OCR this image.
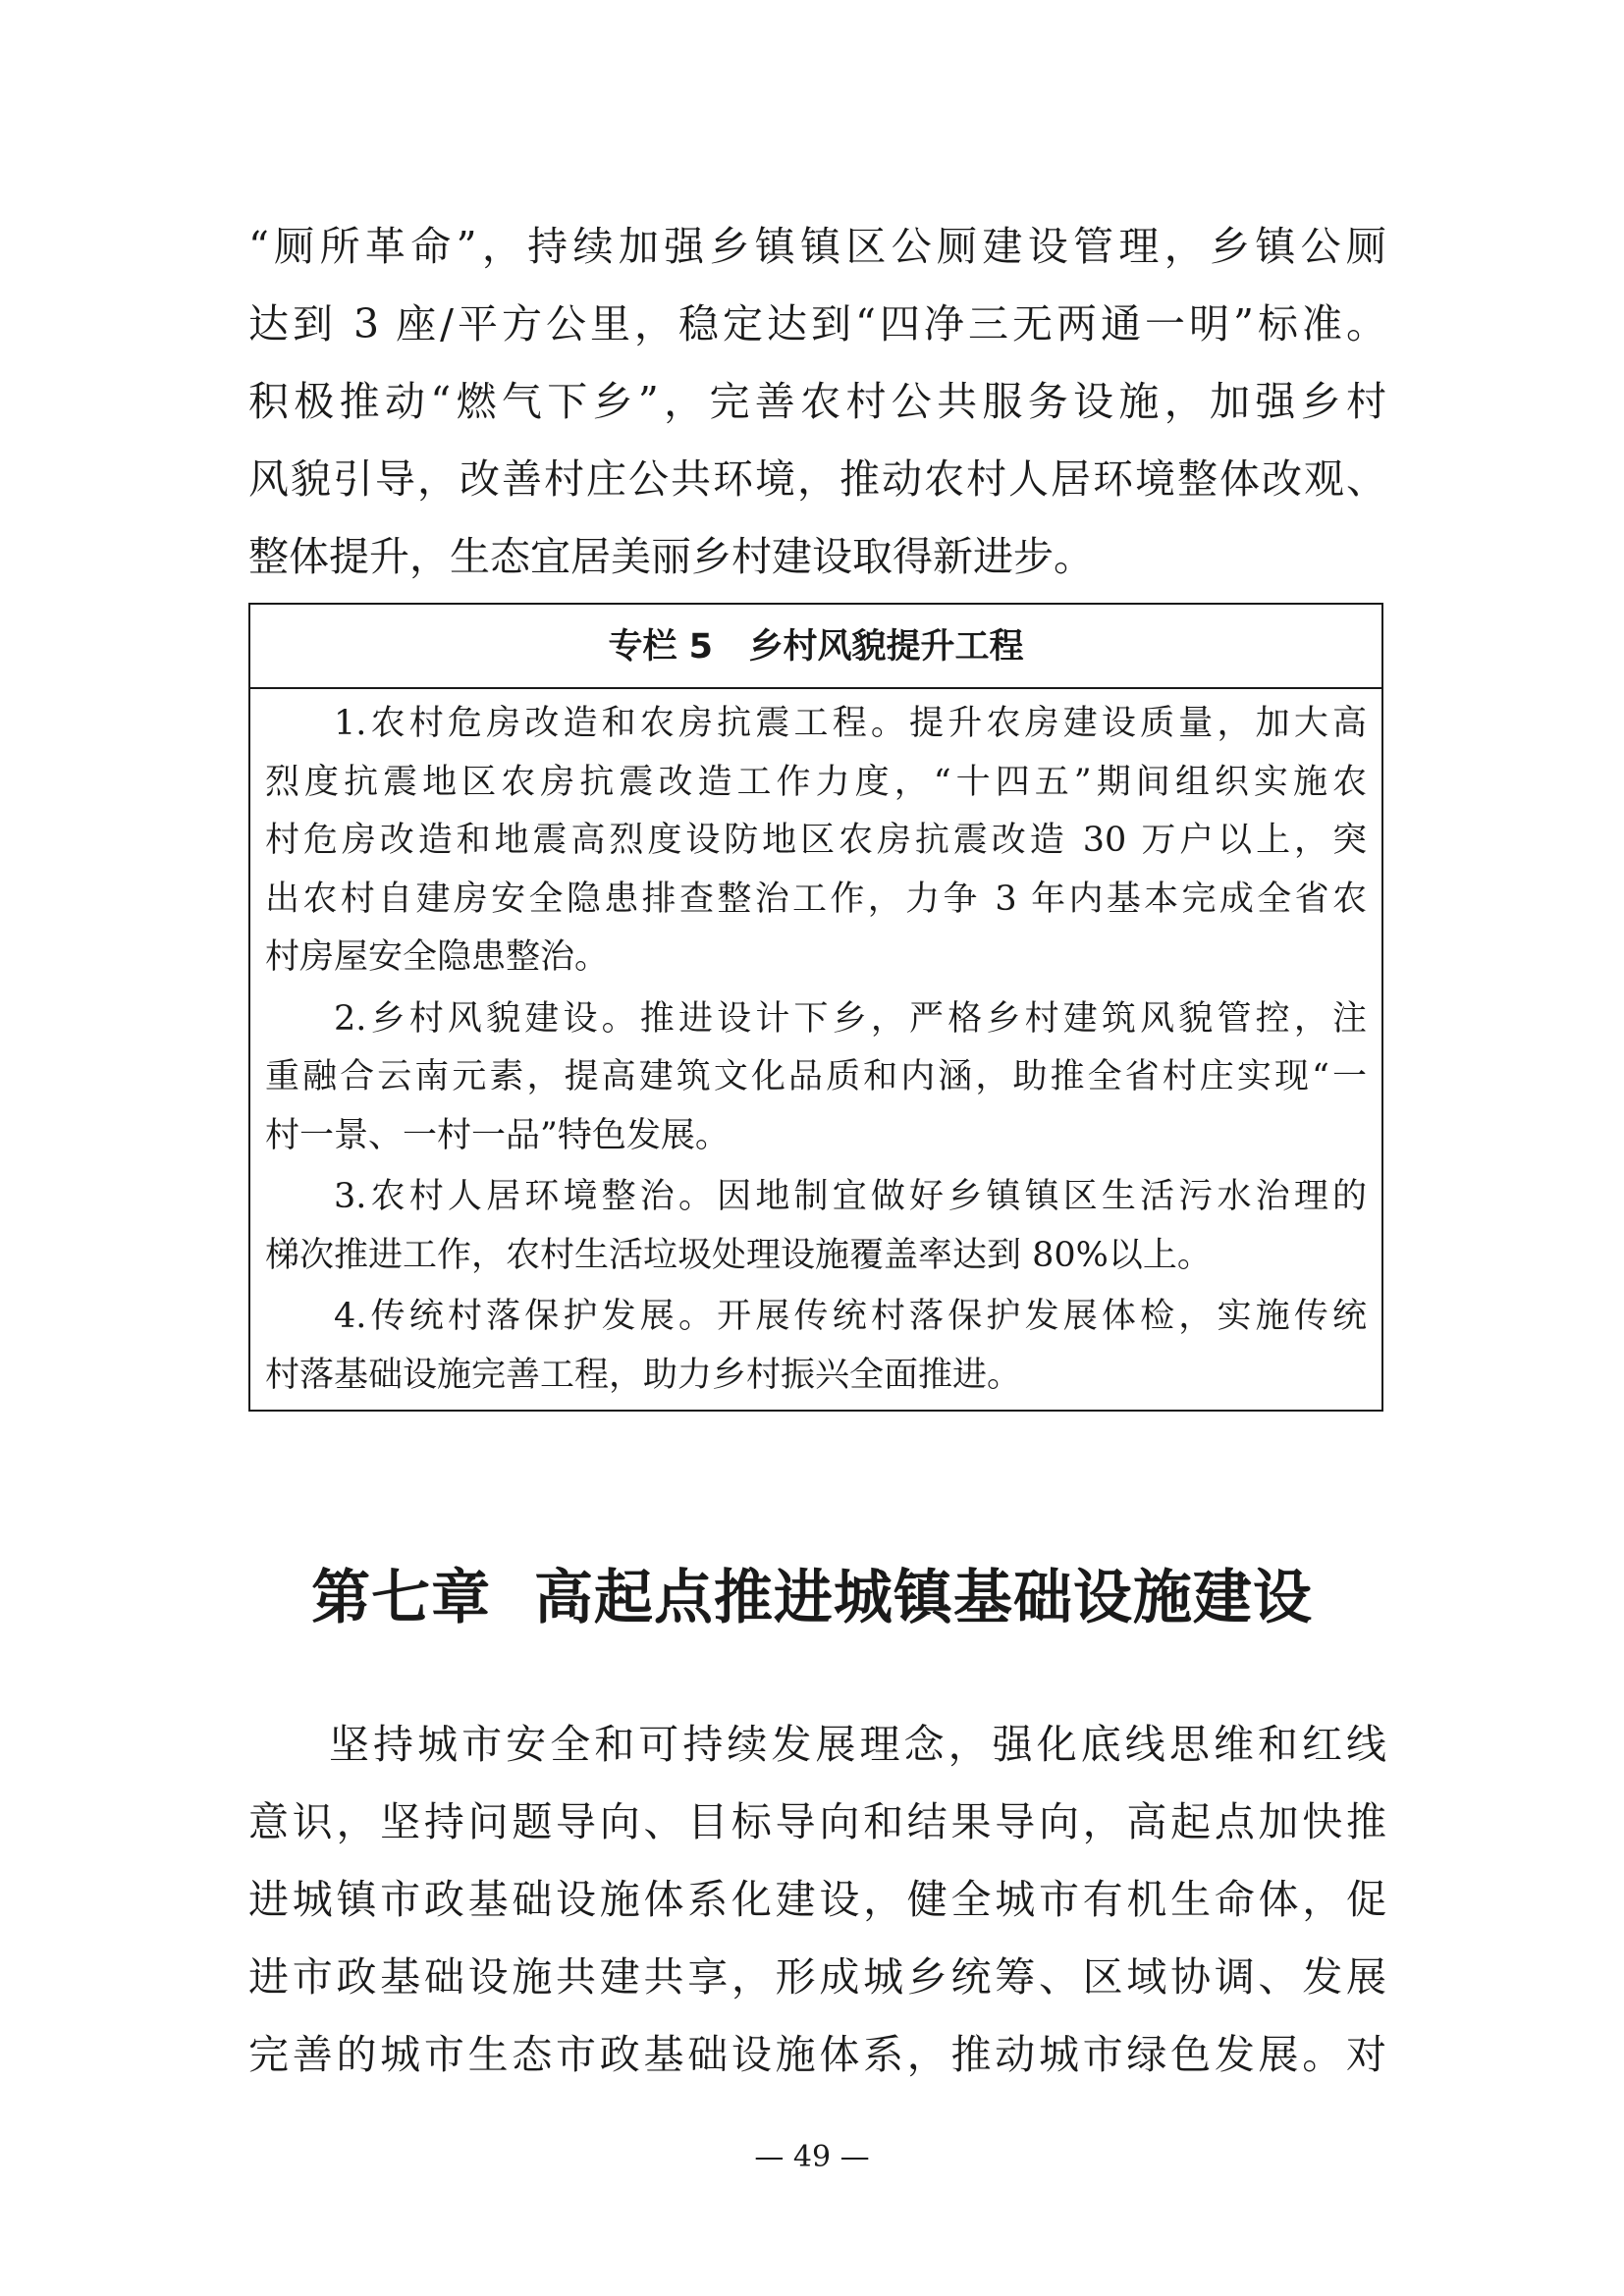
“厕所革命”，持续加强乡镇镇区公厕建设管理，乡镇公厕
达到 3 座/平方公里，稳定达到“四净三无两通一明”标准。
积极推动“燃气下乡”，完善农村公共服务设施，加强乡村
风貌引导，改善村庄公共环境，推动农村人居环境整体改观、
整体提升，生态宜居美丽乡村建设取得新进步。
专栏 5   乡村风貌提升工程
1.农村危房改造和农房抗震工程。提升农房建设质量，加大高
烈度抗震地区农房抗震改造工作力度，“十四五”期间组织实施农
村危房改造和地震高烈度设防地区农房抗震改造 30 万户以上，突
出农村自建房安全隐患排查整治工作，力争 3 年内基本完成全省农
村房屋安全隐患整治。
2.乡村风貌建设。推进设计下乡，严格乡村建筑风貌管控，注
重融合云南元素，提高建筑文化品质和内涵，助推全省村庄实现“一
村一景、一村一品”特色发展。
3.农村人居环境整治。因地制宜做好乡镇镇区生活污水治理的
梯次推进工作，农村生活垃圾处理设施覆盖率达到 80%以上。
4.传统村落保护发展。开展传统村落保护发展体检，实施传统
村落基础设施完善工程，助力乡村振兴全面推进。
第七章  高起点推进城镇基础设施建设
坚持城市安全和可持续发展理念，强化底线思维和红线
意识，坚持问题导向、目标导向和结果导向，高起点加快推
进城镇市政基础设施体系化建设，健全城市有机生命体，促
进市政基础设施共建共享，形成城乡统筹、区域协调、发展
完善的城市生态市政基础设施体系，推动城市绿色发展。对
— 49 —
